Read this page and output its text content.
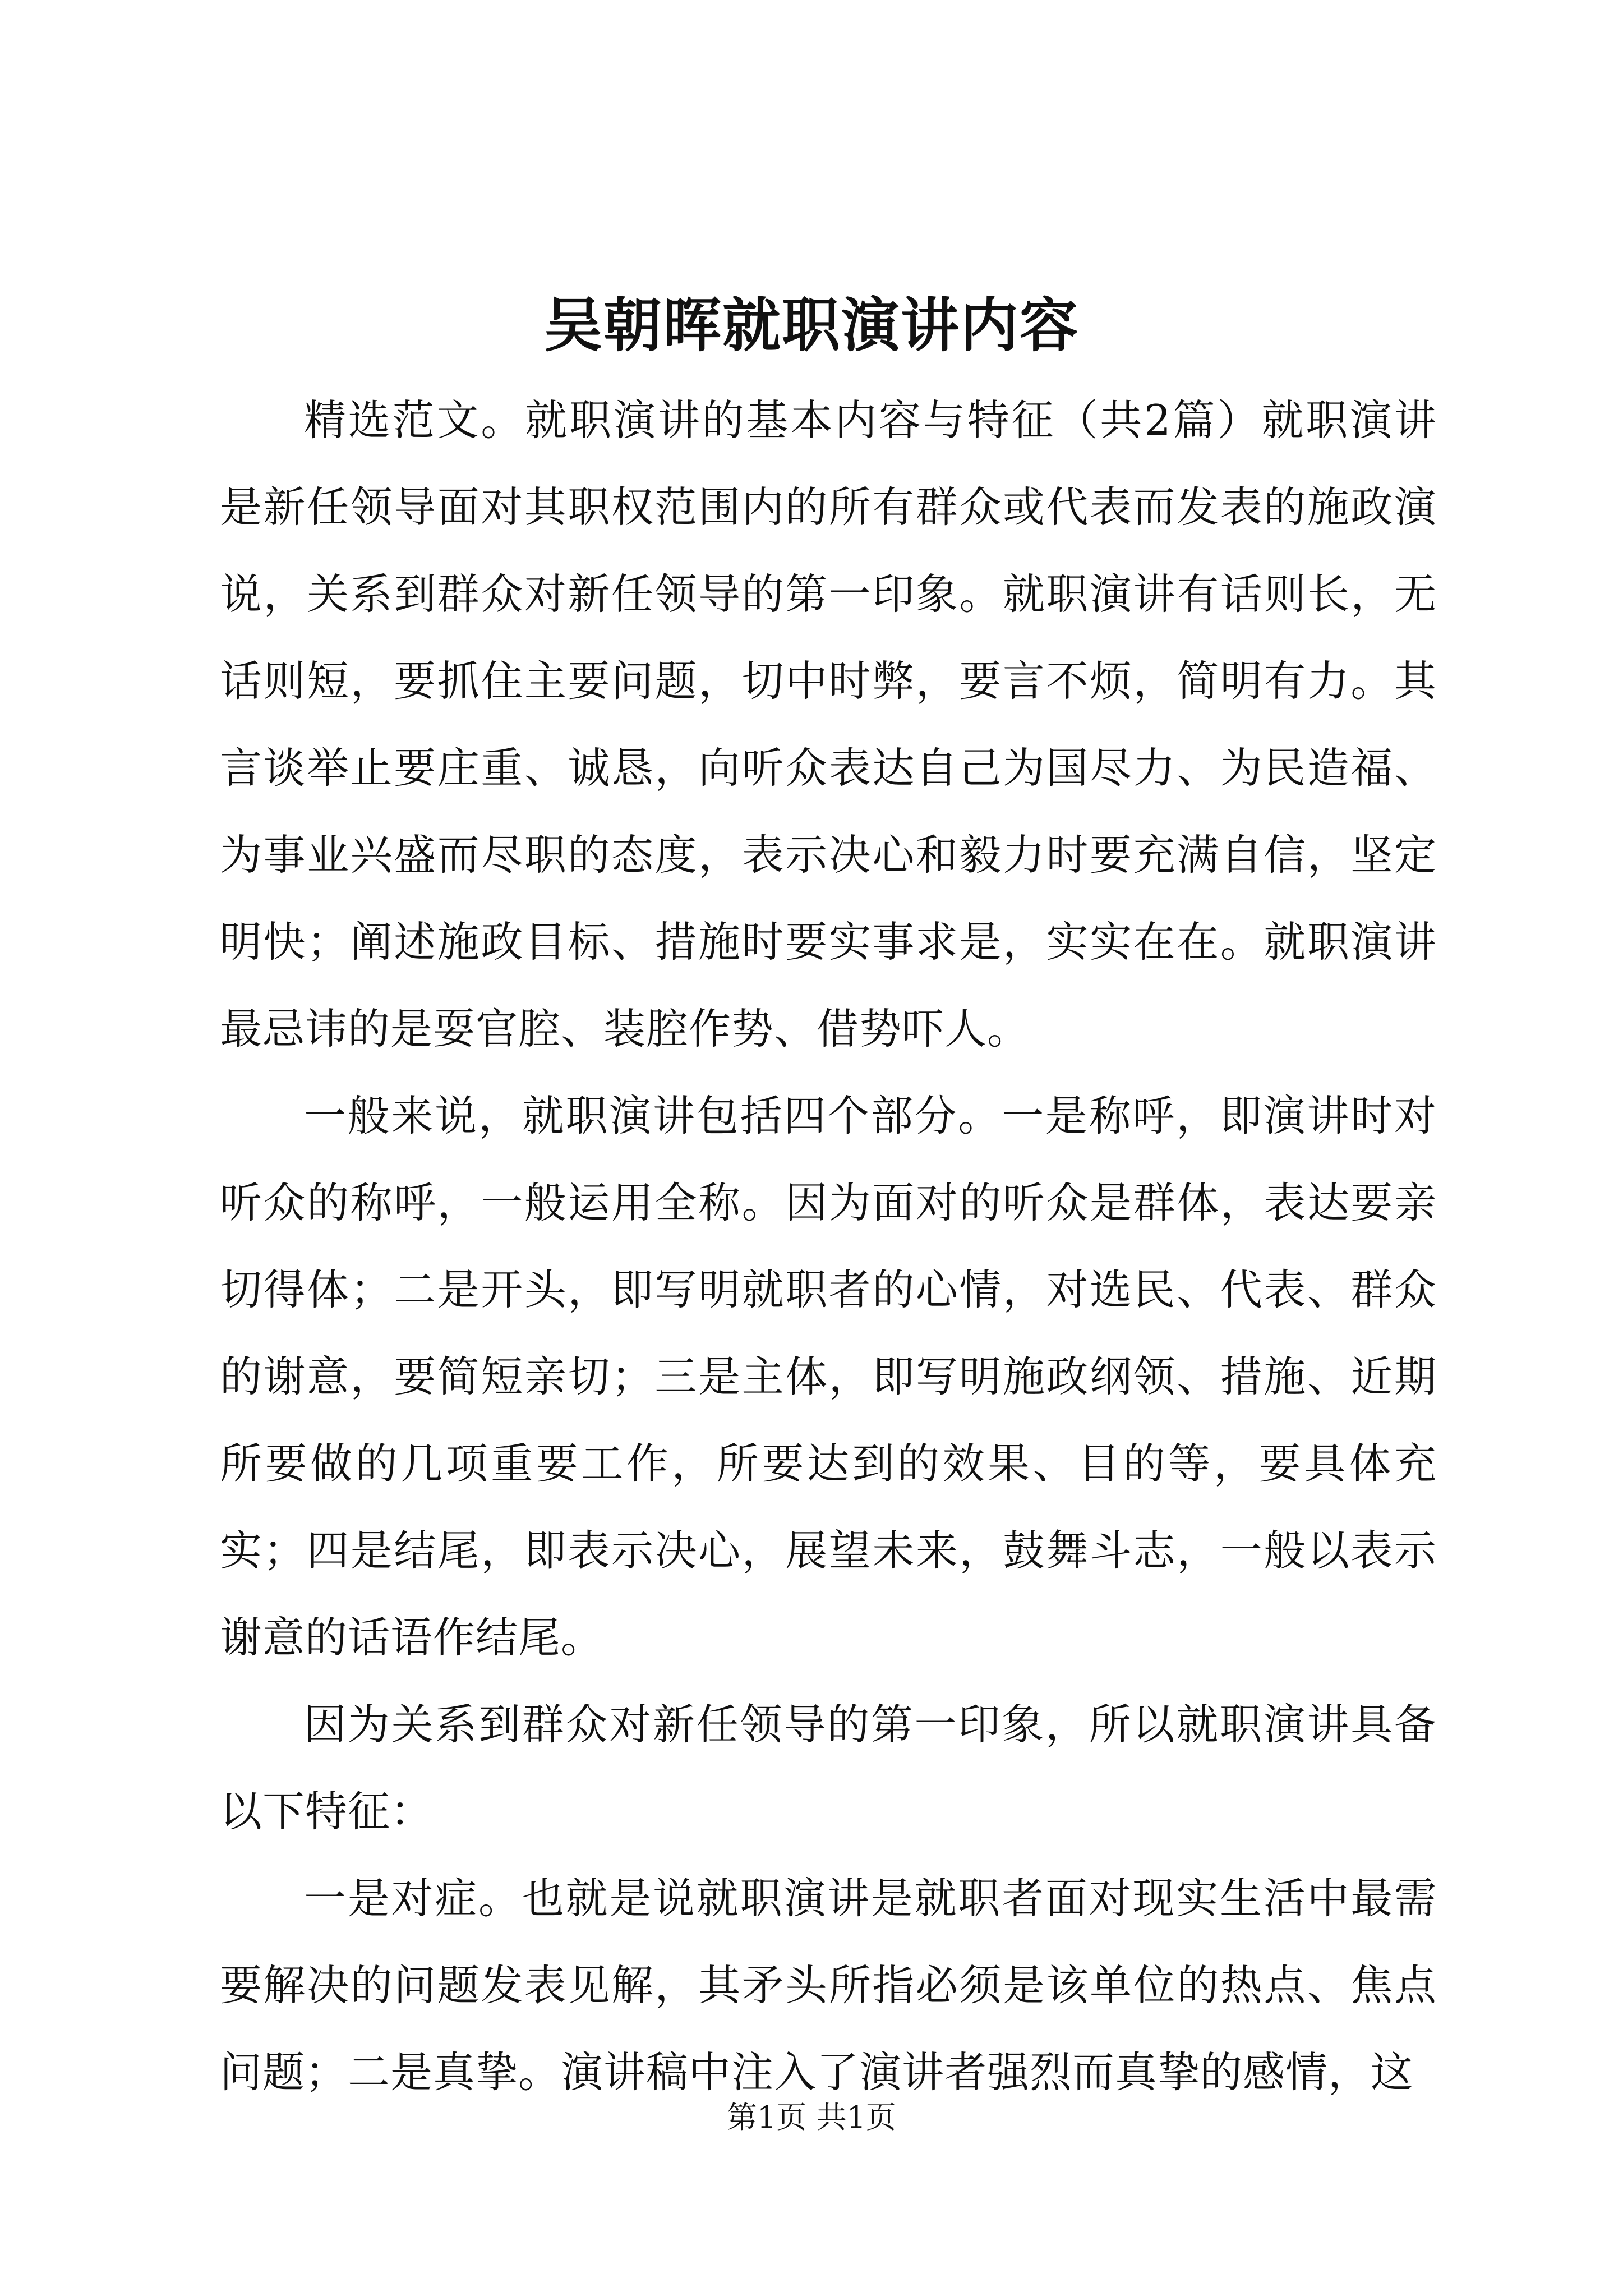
吴朝晖就职演讲内容

精选范文。就职演讲的基本内容与特征（共2篇）就职演讲是新任领导面对其职权范围内的所有群众或代表而发表的施政演说，关系到群众对新任领导的第一印象。就职演讲有话则长，无话则短，要抓住主要问题，切中时弊，要言不烦，简明有力。其言谈举止要庄重、诚恳，向听众表达自己为国尽力、为民造福、为事业兴盛而尽职的态度，表示决心和毅力时要充满自信，坚定明快；阐述施政目标、措施时要实事求是，实实在在。就职演讲最忌讳的是耍官腔、装腔作势、借势吓人。

一般来说，就职演讲包括四个部分。一是称呼，即演讲时对听众的称呼，一般运用全称。因为面对的听众是群体，表达要亲切得体；二是开头，即写明就职者的心情，对选民、代表、群众的谢意，要简短亲切；三是主体，即写明施政纲领、措施、近期所要做的几项重要工作，所要达到的效果、目的等，要具体充实；四是结尾，即表示决心，展望未来，鼓舞斗志，一般以表示谢意的话语作结尾。

因为关系到群众对新任领导的第一印象，所以就职演讲具备以下特征：

一是对症。也就是说就职演讲是就职者面对现实生活中最需要解决的问题发表见解，其矛头所指必须是该单位的热点、焦点问题；二是真挚。演讲稿中注入了演讲者强烈而真挚的感情，这

第1页 共1页
